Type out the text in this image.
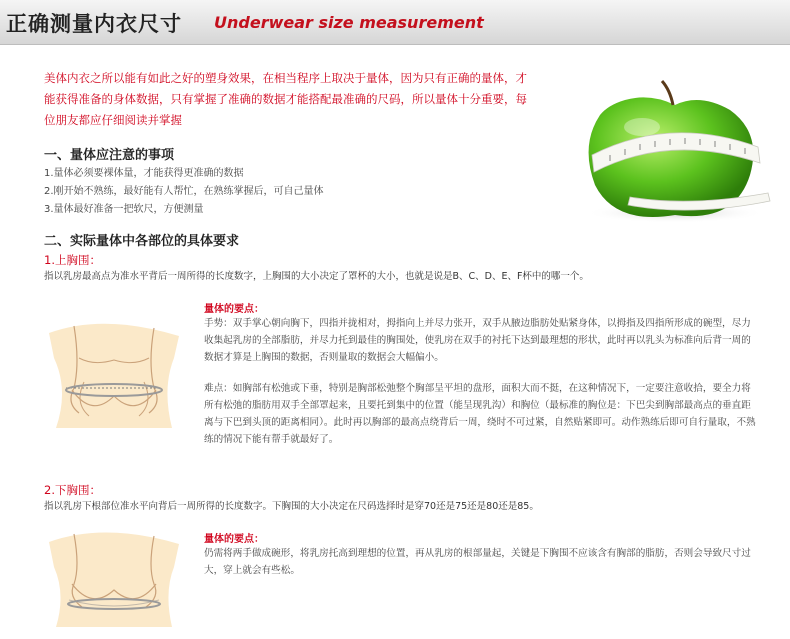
正确测量内衣尺寸 Underwear size measurement
美体内衣之所以能有如此之好的塑身效果，在相当程序上取决于量体，因为只有正确的量体，才能获得准备的身体数据，只有掌握了准确的数据才能搭配最准确的尺码，所以量体十分重要，每位朋友都应仔细阅读并掌握
一、量体应注意的事项
1.量体必须要裸体量，才能获得更准确的数据
2.刚开始不熟练，最好能有人帮忙，在熟练掌握后，可自己量体
3.量体最好准备一把软尺，方便测量
二、实际量体中各部位的具体要求
1.上胸围：
指以乳房最高点为准水平背后一周所得的长度数字，上胸围的大小决定了罩杯的大小，也就是说是B、C、D、E、F杯中的哪一个。
量体的要点：
手势：双手掌心朝向胸下，四指并拢相对，拇指向上并尽力张开，双手从腋边脂肪处贴紧身体，以拇指及四指所形成的碗型，尽力收集起乳房的全部脂肪，并尽力托到最佳的胸围处，使乳房在双手的衬托下达到最理想的形状，此时再以乳头为标准向后背一周的数据才算是上胸围的数据，否则量取的数据会大幅偏小。
难点：如胸部有松弛或下垂，特别是胸部松弛整个胸部呈平坦的盘形，面积大而不挺，在这种情况下，一定要注意收拾，要全力将所有松弛的脂肪用双手全部罩起来，且要托到集中的位置（能呈现乳沟）和胸位（最标准的胸位是：下巴尖到胸部最高点的垂直距离与下巴到头顶的距离相同）。此时再以胸部的最高点绕背后一周，绕时不可过紧，自然贴紧即可。动作熟练后即可自行量取，不熟练的情况下能有帮手就最好了。
2.下胸围：
指以乳房下根部位准水平向背后一周所得的长度数字。下胸围的大小决定在尺码选择时是穿70还是75还是80还是85。
量体的要点：
仍需将两手做成碗形，将乳房托高到理想的位置，再从乳房的根部量起，关键是下胸围不应该含有胸部的脂肪，否则会导致尺寸过大，穿上就会有些松。
